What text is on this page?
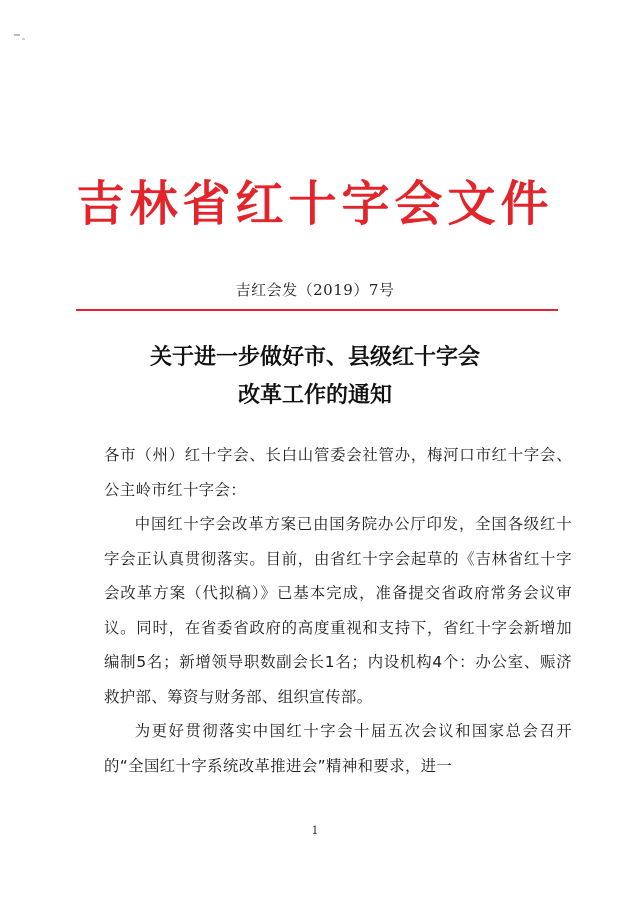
吉林省红十字会文件
吉红会发（2019）7号
关于进一步做好市、县级红十字会
改革工作的通知

各市（州）红十字会、长白山管委会社管办，梅河口市红十字会、公主岭市红十字会：

中国红十字会改革方案已由国务院办公厅印发，全国各级红十字会正认真贯彻落实。目前，由省红十字会起草的《吉林省红十字会改革方案（代拟稿）》已基本完成，准备提交省政府常务会议审议。同时，在省委省政府的高度重视和支持下，省红十字会新增加编制5名；新增领导职数副会长1名；内设机构4个：办公室、赈济救护部、筹资与财务部、组织宣传部。

为更好贯彻落实中国红十字会十届五次会议和国家总会召开的“全国红十字系统改革推进会”精神和要求，进一

1
